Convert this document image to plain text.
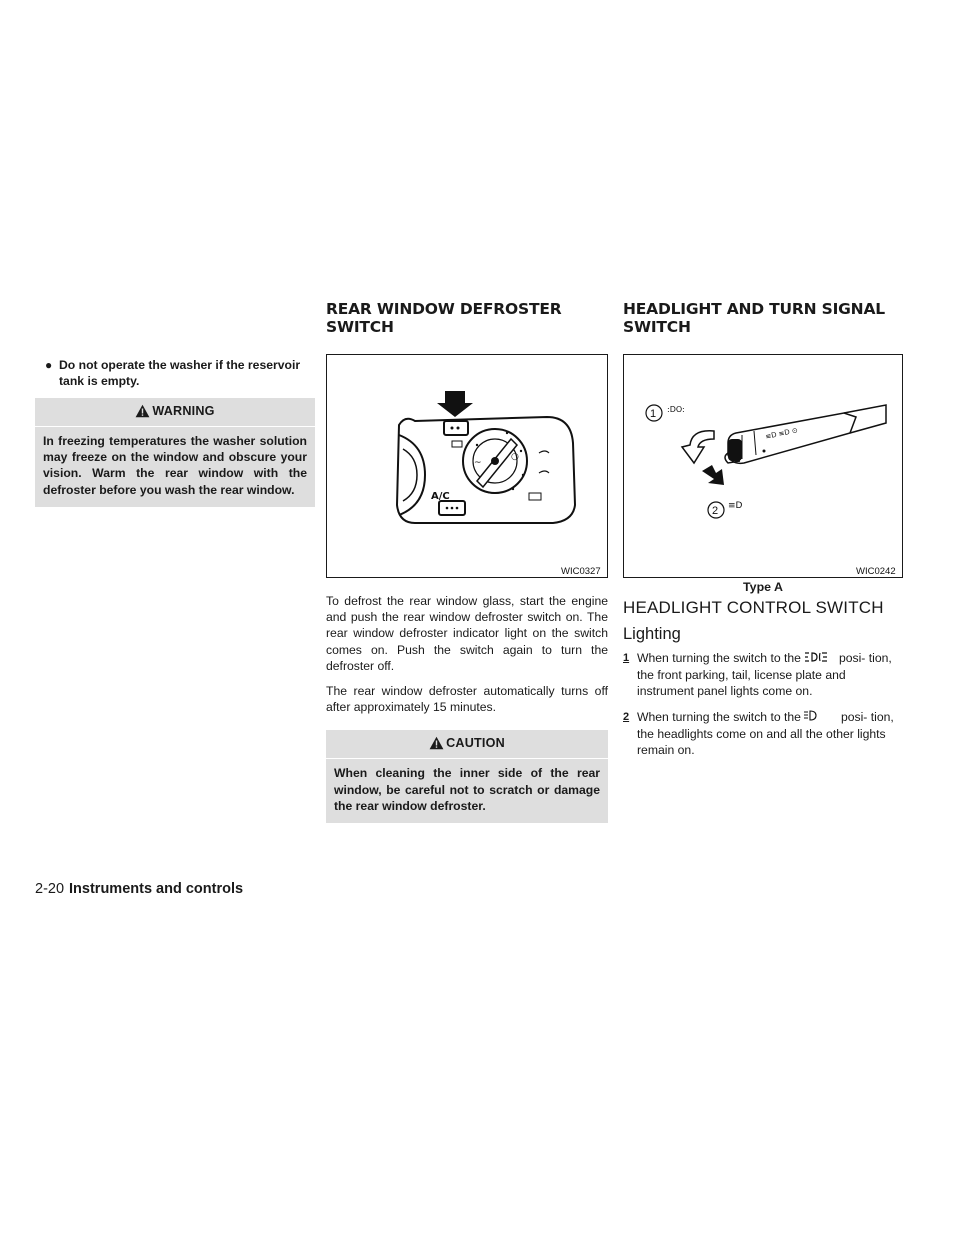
REAR WINDOW DEFROSTER
SWITCH
HEADLIGHT AND TURN SIGNAL
SWITCH
● Do not operate the washer if the reservoir tank is empty.
WARNING
In freezing temperatures the washer solution may freeze on the window and obscure your vision. Warm the rear window with the defroster before you wash the rear window.
~
○
A/C
WIC0327

To defrost the rear window glass, start the engine and push the rear window defroster switch on. The rear window defroster indicator light on the switch comes on. Push the switch again to turn the defroster off.

The rear window defroster automatically turns off after approximately 15 minutes.

CAUTION
When cleaning the inner side of the rear window, be careful not to scratch or damage the rear window defroster.
1 :DO:
2 ≡D
≡D ≡D ⊙
WIC0242
Type A
HEADLIGHT CONTROL SWITCH
Lighting
1 When turning the switch to the	posi- tion, the front parking, tail, license plate and instrument panel lights come on.
2 When turning the switch to the	posi- tion, the headlights come on and all the other lights remain on.
2-20 Instruments and controls
